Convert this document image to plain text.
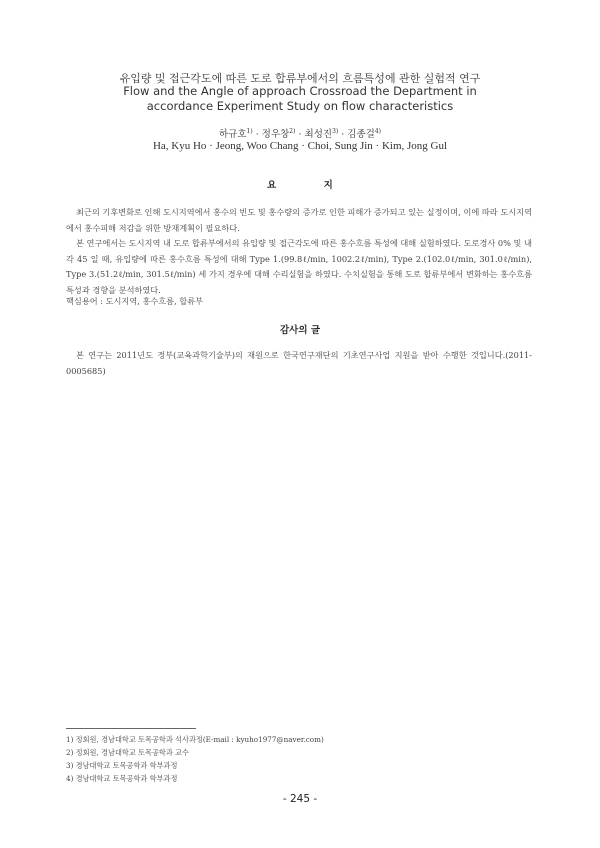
유입량 및 접근각도에 따른 도로 합류부에서의 흐름특성에 관한 실험적 연구
Flow and the Angle of approach Crossroad the Department in
accordance Experiment Study on flow characteristics
하규호$^{1)}$ · 정우창$^{2)}$ · 최성진$^{3)}$ · 김종걸$^{4)}$
Ha, Kyu Ho · Jeong, Woo Chang · Choi, Sung Jin · Kim, Jong Gul
요 지

최근의 기후변화로 인해 도시지역에서 홍수의 빈도 및 홍수량의 증가로 인한 피해가 증가되고 있는 실정이며, 이에 따라 도시지역에서 홍수피해 저감을 위한 방재계획이 필요하다.

본 연구에서는 도시지역 내 도로 합류부에서의 유입량 및 접근각도에 따른 홍수흐름 특성에 대해 실험하였다. 도로경사 0% 및 내각 45 일 때, 유입량에 따른 홍수흐름 특성에 대해 Type 1.(99.8ℓ/min, 1002.2ℓ/min), Type 2.(102.0ℓ/min, 301.0ℓ/min), Type 3.(51.2ℓ/min, 301.5ℓ/min) 세 가지 경우에 대해 수리실험을 하였다. 수치실험을 통해 도로 합류부에서 변화하는 홍수흐름 특성과 경향을 분석하였다.

핵심용어 : 도시지역, 홍수흐름, 합류부
감사의 글

본 연구는 2011년도 정부(교육과학기술부)의 재원으로 한국연구재단의 기초연구사업 지원을 받아 수행한 것입니다.(2011-0005685)

1) 정회원, 경남대학교 토목공학과 석사과정(E-mail : kyuho1977@naver.com)
2) 정회원, 경남대학교 토목공학과 교수
3) 경남대학교 토목공학과 학부과정
4) 경남대학교 토목공학과 학부과정
- 245 -
